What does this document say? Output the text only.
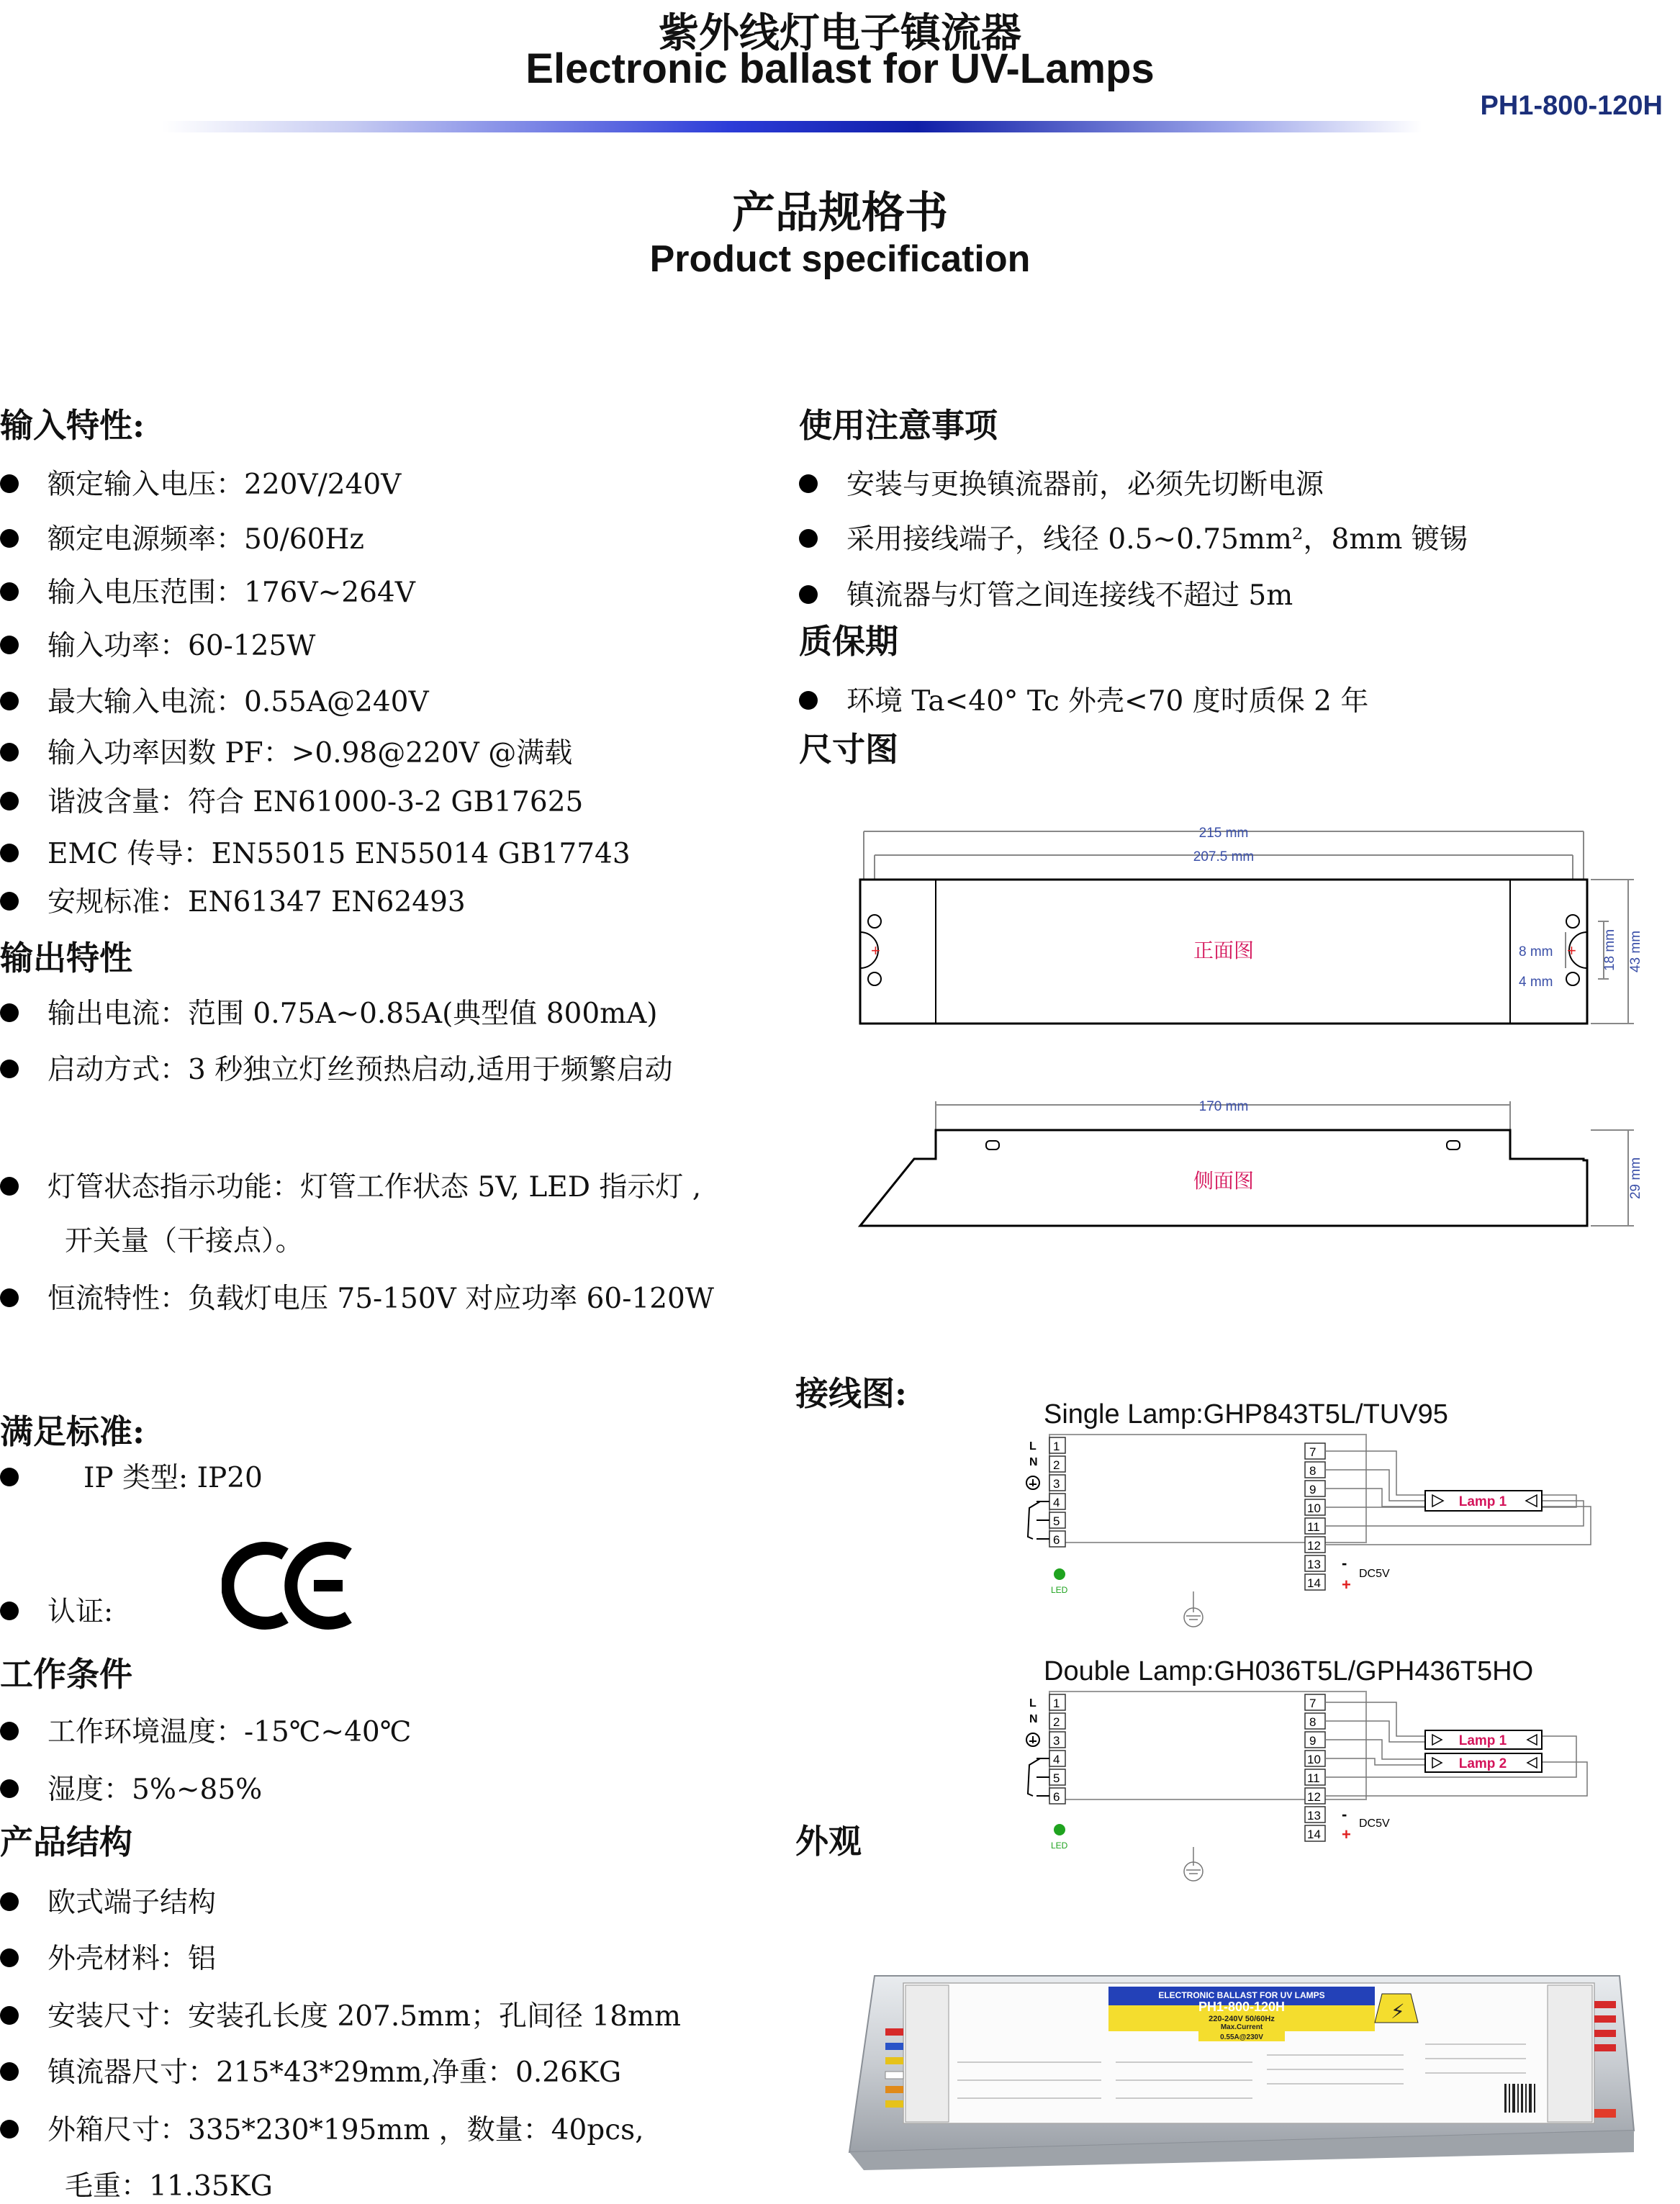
紫外线灯电子镇流器
Electronic ballast for UV-Lamps
PH1-800-120H
产品规格书
Product specification
输入特性:
额定输入电压：220V/240V
额定电源频率：50/60Hz
输入电压范围：176V~264V
输入功率：60-125W
最大输入电流：0.55A@240V
输入功率因数 PF：>0.98@220V @满载
谐波含量：符合 EN61000-3-2 GB17625
EMC 传导：EN55015 EN55014 GB17743
安规标准：EN61347 EN62493
输出特性
输出电流：范围 0.75A~0.85A(典型值 800mA)
启动方式：3 秒独立灯丝预热启动,适用于频繁启动
灯管状态指示功能：灯管工作状态 5V, LED 指示灯 ,
开关量（干接点）。
恒流特性：负载灯电压 75-150V 对应功率 60-120W
满足标准:
IP 类型: IP20
认证:
工作条件
工作环境温度：-15℃~40℃
湿度：5%~85%
产品结构
欧式端子结构
外壳材料：铝
安装尺寸：安装孔长度 207.5mm；孔间径 18mm
镇流器尺寸：215*43*29mm,净重：0.26KG
外箱尺寸：335*230*195mm ，数量：40pcs,
毛重：11.35KG
使用注意事项
安装与更换镇流器前，必须先切断电源
采用接线端子，线径 0.5~0.75mm²，8mm 镀锡
镇流器与灯管之间连接线不超过 5m
质保期
环境 Ta<40° Tc 外壳<70 度时质保 2 年
尺寸图
215 mm
207.5 mm
+	+
正面图	8 mm
4 mm
18 mm 43 mm
170 mm
侧面图	29 mm
接线图:
Single Lamp:GHP843T5L/TUV95
L
N
1
2
3
4
5
6
7
8
9
10
11
12
13
14
Lamp 1
-
+
DC5V
LED
Double Lamp:GH036T5L/GPH436T5HO
L
N
1
2
3
4
5
6
7
8
9
10
11
12
13
14
Lamp 1
Lamp 2
-
+
DC5V
LED
外观
ELECTRONIC BALLAST FOR UV LAMPS
PH1-800-120H
220-240V 50/60Hz
Max.Current
0.55A@230V
⚡
